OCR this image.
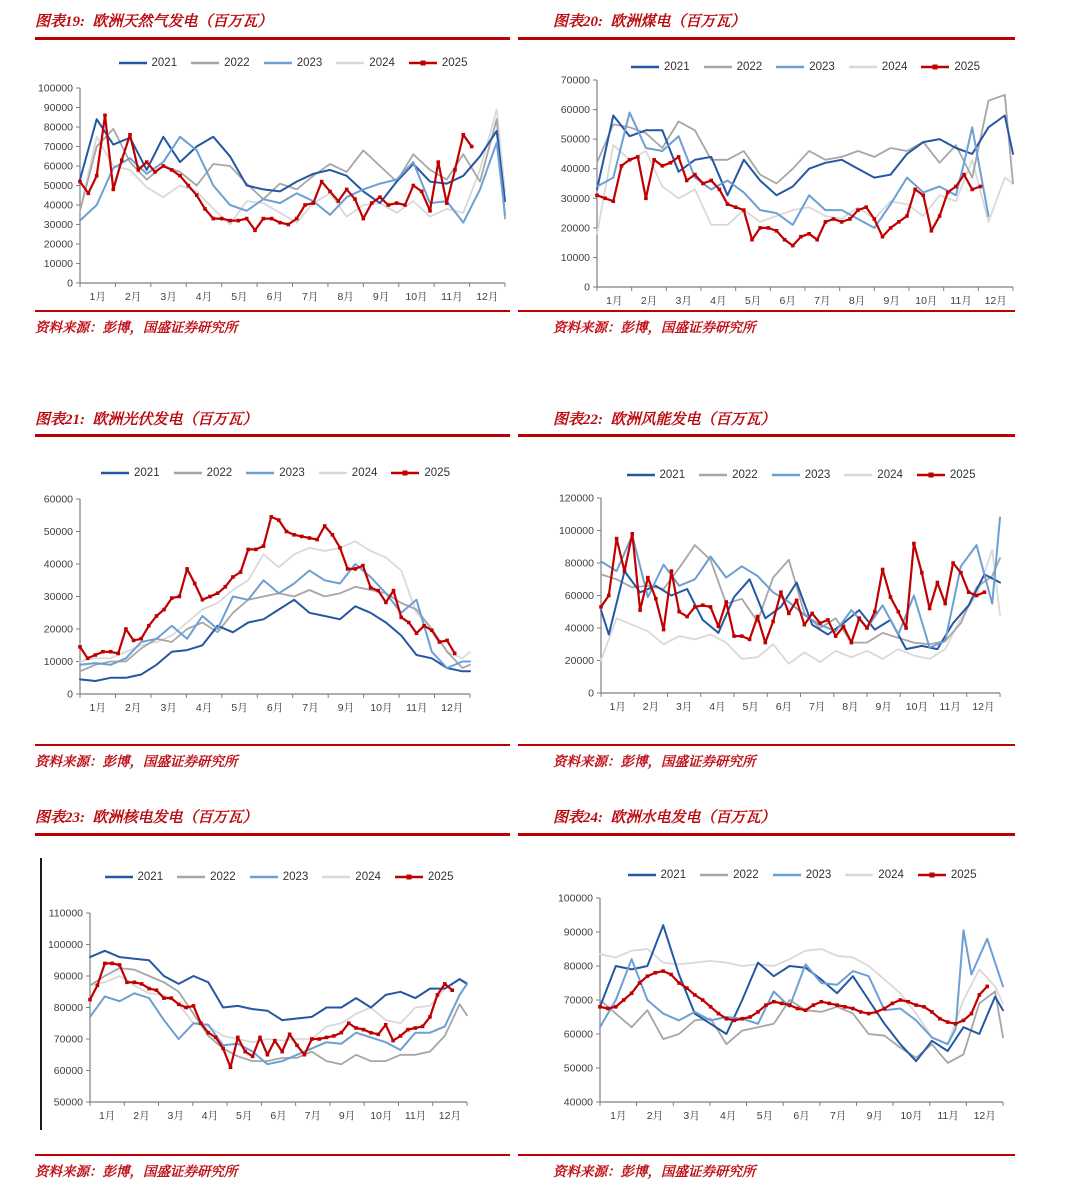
图表19:  欧洲天然气发电（百万瓦）
资料来源：彭博，国盛证券研究所
2021	2022	2023	2024	2025
0
10000
20000
30000
40000
50000
60000
70000
80000
90000
100000
1月 2月 3月 4月 5月 6月 7月 8月 9月 10月 11月 12月
图表20:  欧洲煤电（百万瓦）
资料来源：彭博，国盛证券研究所
2021	2022	2023	2024	2025
0
10000
20000
30000
40000
50000
60000
70000
1月 2月 3月 4月 5月 6月 7月 8月 9月 10月 11月 12月
图表21:  欧洲光伏发电（百万瓦）
资料来源：彭博，国盛证券研究所
2021	2022	2023	2024	2025
0
10000
20000
30000
40000
50000
60000
1月 2月 3月 4月 5月 6月 7月 9月 10月 11月 12月
图表22:  欧洲风能发电（百万瓦）
资料来源：彭博，国盛证券研究所
2021	2022	2023	2024	2025
0
20000
40000
60000
80000
100000
120000
1月 2月 3月 4月 5月 6月 7月 8月 9月 10月 11月 12月
图表23:  欧洲核电发电（百万瓦）
资料来源：彭博，国盛证券研究所
2021	2022	2023	2024	2025
50000
60000
70000
80000
90000
100000
110000
1月 2月 3月 4月 5月 6月 7月 9月 10月 11月 12月
图表24:  欧洲水电发电（百万瓦）
资料来源：彭博，国盛证券研究所
2021	2022	2023	2024	2025
40000
50000
60000
70000
80000
90000
100000
1月 2月 3月 4月 5月 6月 7月 9月 10月 11月 12月
